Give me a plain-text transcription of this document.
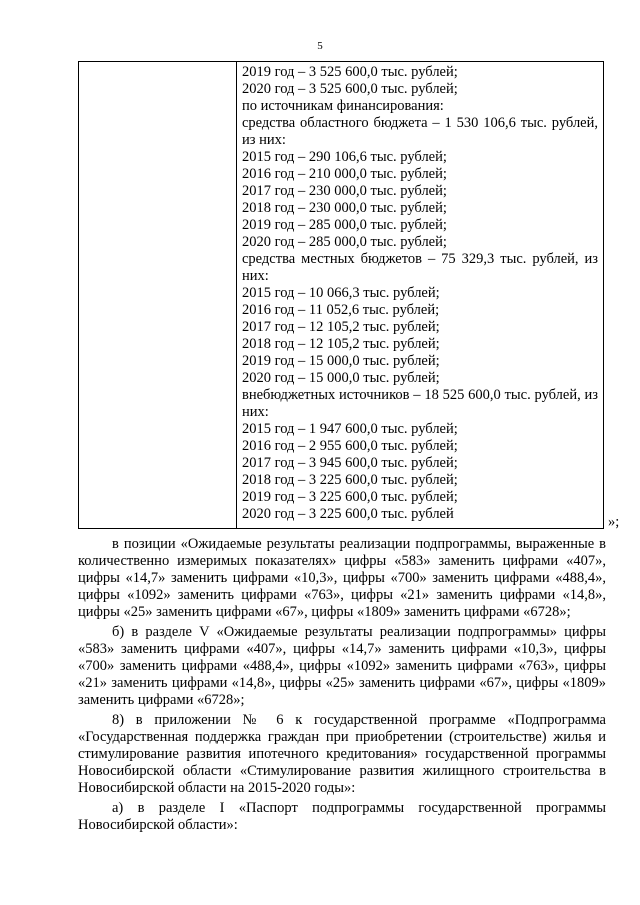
5
2019 год – 3 525 600,0 тыс. рублей;
2020 год – 3 525 600,0 тыс. рублей;
по источникам финансирования:
средства областного бюджета – 1 530 106,6 тыс. рублей, из них:
2015 год – 290 106,6 тыс. рублей;
2016 год – 210 000,0 тыс. рублей;
2017 год – 230 000,0 тыс. рублей;
2018 год – 230 000,0 тыс. рублей;
2019 год – 285 000,0 тыс. рублей;
2020 год – 285 000,0 тыс. рублей;
средства местных бюджетов – 75 329,3 тыс. рублей, из них:
2015 год – 10 066,3 тыс. рублей;
2016 год – 11 052,6 тыс. рублей;
2017 год – 12 105,2 тыс. рублей;
2018 год – 12 105,2 тыс. рублей;
2019 год – 15 000,0 тыс. рублей;
2020 год – 15 000,0 тыс. рублей;
внебюджетных источников – 18 525 600,0 тыс. рублей, из них:
2015 год – 1 947 600,0 тыс. рублей;
2016 год – 2 955 600,0 тыс. рублей;
2017 год – 3 945 600,0 тыс. рублей;
2018 год – 3 225 600,0 тыс. рублей;
2019 год – 3 225 600,0 тыс. рублей;
2020 год – 3 225 600,0 тыс. рублей	»;

в позиции «Ожидаемые результаты реализации подпрограммы, выраженные в количественно измеримых показателях» цифры «583» заменить цифрами «407», цифры «14,7» заменить цифрами «10,3», цифры «700» заменить цифрами «488,4», цифры «1092» заменить цифрами «763», цифры «21» заменить цифрами «14,8», цифры «25» заменить цифрами «67», цифры «1809» заменить цифрами «6728»;

б) в разделе V «Ожидаемые результаты реализации подпрограммы» цифры «583» заменить цифрами «407», цифры «14,7» заменить цифрами «10,3», цифры «700» заменить цифрами «488,4», цифры «1092» заменить цифрами «763», цифры «21» заменить цифрами «14,8», цифры «25» заменить цифрами «67», цифры «1809» заменить цифрами «6728»;

8) в приложении № 6 к государственной программе «Подпрограмма «Государственная поддержка граждан при приобретении (строительстве) жилья и стимулирование развития ипотечного кредитования» государственной программы Новосибирской области «Стимулирование развития жилищного строительства в Новосибирской области на 2015-2020 годы»:

а) в разделе I «Паспорт подпрограммы государственной программы Новосибирской области»:
